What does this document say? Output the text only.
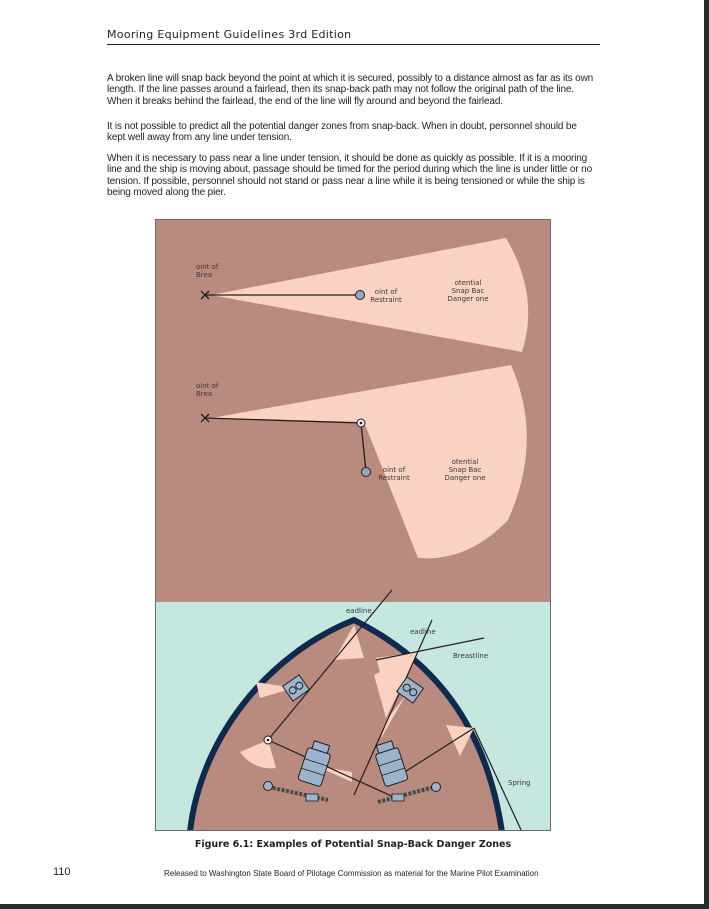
Mooring Equipment Guidelines 3rd Edition

A broken line will snap back beyond the point at which it is secured, possibly to a distance almost as far as its own length. If the line passes around a fairlead, then its snap-back path may not follow the original path of the line. When it breaks behind the fairlead, the end of the line will fly around and beyond the fairlead.

It is not possible to predict all the potential danger zones from snap-back. When in doubt, personnel should be kept well away from any line under tension.

When it is necessary to pass near a line under tension, it should be done as quickly as possible. If it is a mooring line and the ship is moving about, passage should be timed for the period during which the line is under little or no tension. If possible, personnel should not stand or pass near a line while it is being tensioned or while the ship is being moved along the pier.

oint of
Brea
oint of
Restraint
otential
Snap Bac
Danger one
oint of
Brea
oint of
Restraint
otential
Snap Bac
Danger one
eadline
eadline
Breastline
Spring
Figure 6.1: Examples of Potential Snap-Back Danger Zones
110	Released to Washington State Board of Pilotage Commission as material for the Marine Pilot Examination
